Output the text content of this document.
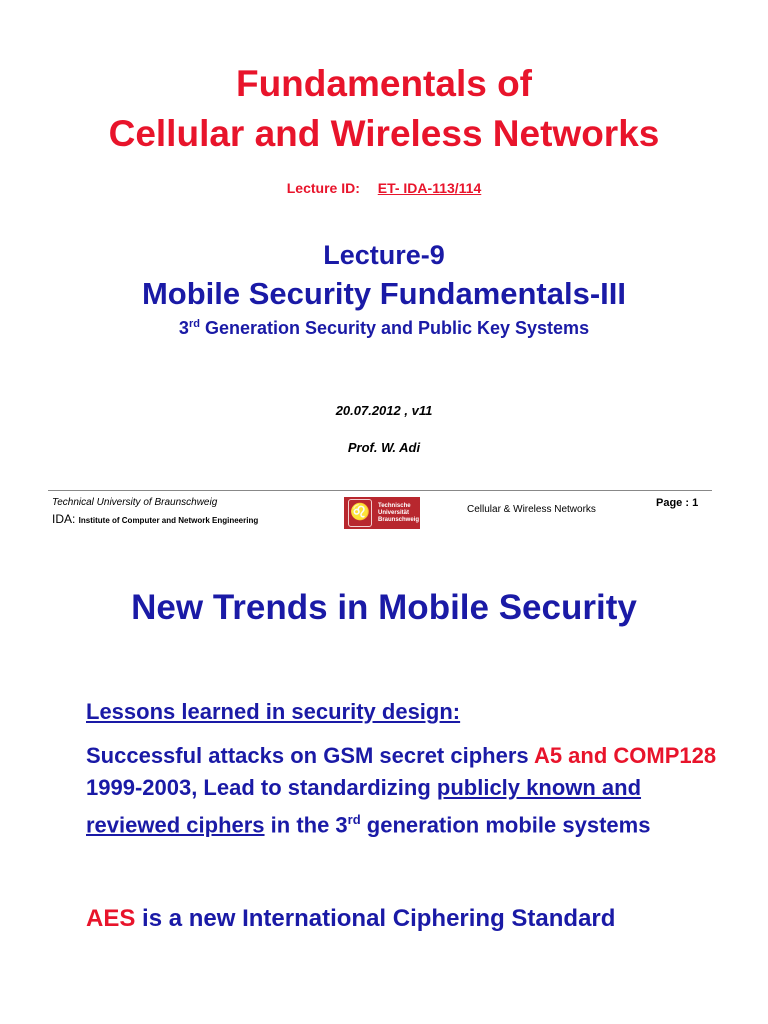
Fundamentals of
Cellular and Wireless Networks
Lecture ID: ET- IDA-113/114
Lecture-9
Mobile Security Fundamentals-III
3rd Generation Security and Public Key Systems
20.07.2012 , v11
Prof. W. Adi
Technical University of Braunschweig
IDA: Institute of Computer and Network Engineering	♌	Technische
Universität
Braunschweig
Cellular & Wireless Networks
Page : 1
New Trends in Mobile Security
Lessons learned in security design:
Successful attacks on GSM secret ciphers A5 and COMP128
1999-2003, Lead to standardizing publicly known and reviewed ciphers in the 3rd generation mobile systems
AES is a new International Ciphering Standard
